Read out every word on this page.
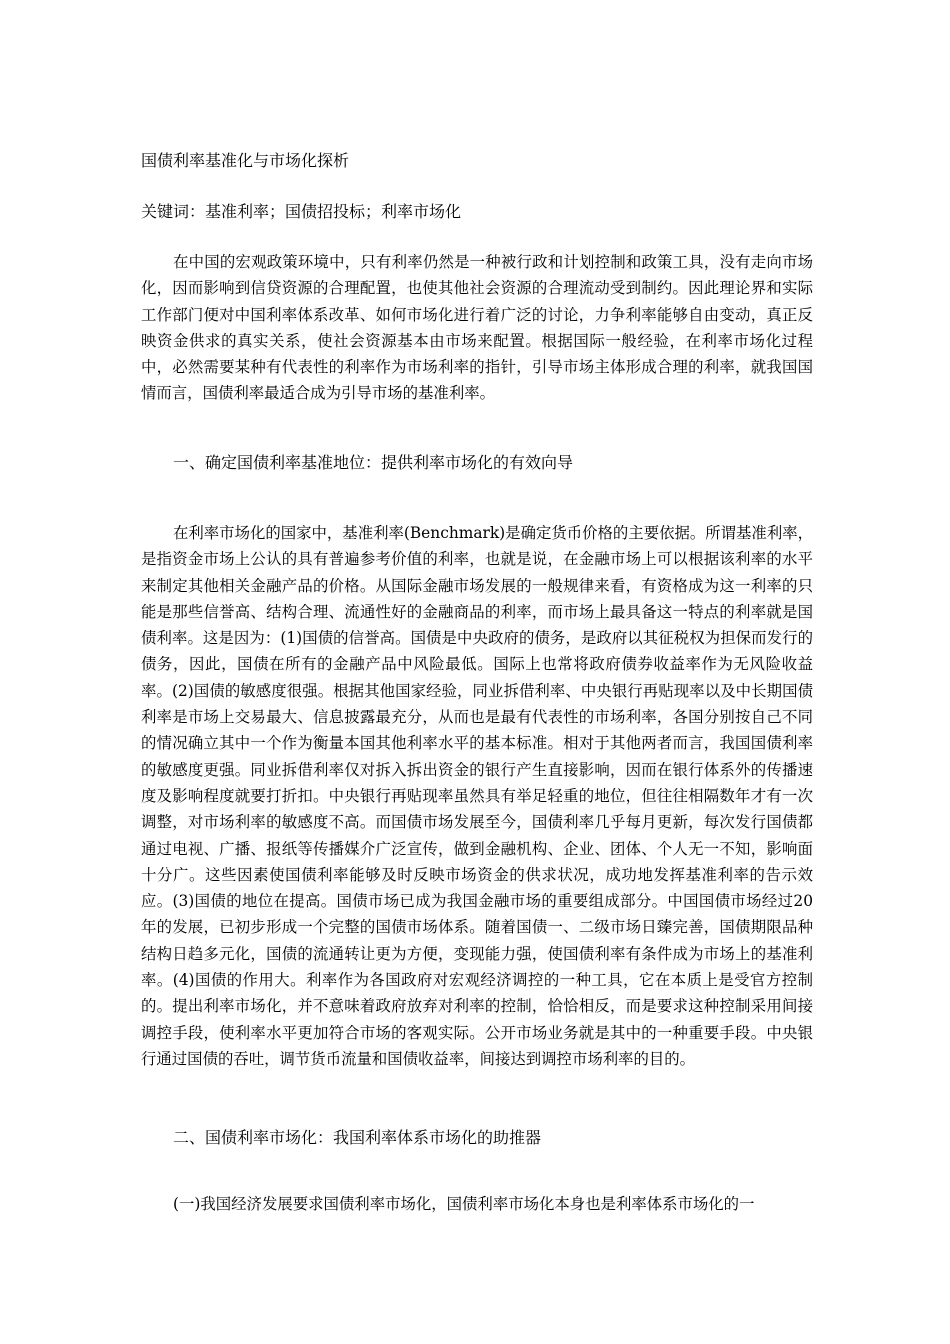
国债利率基准化与市场化探析
关键词：基准利率；国债招投标；利率市场化

在中国的宏观政策环境中，只有利率仍然是一种被行政和计划控制和政策工具，没有走向市场化，因而影响到信贷资源的合理配置，也使其他社会资源的合理流动受到制约。因此理论界和实际工作部门便对中国利率体系改革、如何市场化进行着广泛的讨论，力争利率能够自由变动，真正反映资金供求的真实关系，使社会资源基本由市场来配置。根据国际一般经验，在利率市场化过程中，必然需要某种有代表性的利率作为市场利率的指针，引导市场主体形成合理的利率，就我国国情而言，国债利率最适合成为引导市场的基准利率。

一、确定国债利率基准地位：提供利率市场化的有效向导

在利率市场化的国家中，基准利率(Benchmark)是确定货币价格的主要依据。所谓基准利率，是指资金市场上公认的具有普遍参考价值的利率，也就是说，在金融市场上可以根据该利率的水平来制定其他相关金融产品的价格。从国际金融市场发展的一般规律来看，有资格成为这一利率的只能是那些信誉高、结构合理、流通性好的金融商品的利率，而市场上最具备这一特点的利率就是国债利率。这是因为：(1)国债的信誉高。国债是中央政府的债务，是政府以其征税权为担保而发行的债务，因此，国债在所有的金融产品中风险最低。国际上也常将政府债券收益率作为无风险收益率。(2)国债的敏感度很强。根据其他国家经验，同业拆借利率、中央银行再贴现率以及中长期国债利率是市场上交易最大、信息披露最充分，从而也是最有代表性的市场利率，各国分别按自己不同的情况确立其中一个作为衡量本国其他利率水平的基本标准。相对于其他两者而言，我国国债利率的敏感度更强。同业拆借利率仅对拆入拆出资金的银行产生直接影响，因而在银行体系外的传播速度及影响程度就要打折扣。中央银行再贴现率虽然具有举足轻重的地位，但往往相隔数年才有一次调整，对市场利率的敏感度不高。而国债市场发展至今，国债利率几乎每月更新，每次发行国债都通过电视、广播、报纸等传播媒介广泛宣传，做到金融机构、企业、团体、个人无一不知，影响面十分广。这些因素使国债利率能够及时反映市场资金的供求状况，成功地发挥基准利率的告示效应。(3)国债的地位在提高。国债市场已成为我国金融市场的重要组成部分。中国国债市场经过20年的发展，已初步形成一个完整的国债市场体系。随着国债一、二级市场日臻完善，国债期限品种结构日趋多元化，国债的流通转让更为方便，变现能力强，使国债利率有条件成为市场上的基准利率。(4)国债的作用大。利率作为各国政府对宏观经济调控的一种工具，它在本质上是受官方控制的。提出利率市场化，并不意味着政府放弃对利率的控制，恰恰相反，而是要求这种控制采用间接调控手段，使利率水平更加符合市场的客观实际。公开市场业务就是其中的一种重要手段。中央银行通过国债的吞吐，调节货币流量和国债收益率，间接达到调控市场利率的目的。

二、国债利率市场化：我国利率体系市场化的助推器
(一)我国经济发展要求国债利率市场化，国债利率市场化本身也是利率体系市场化的一
